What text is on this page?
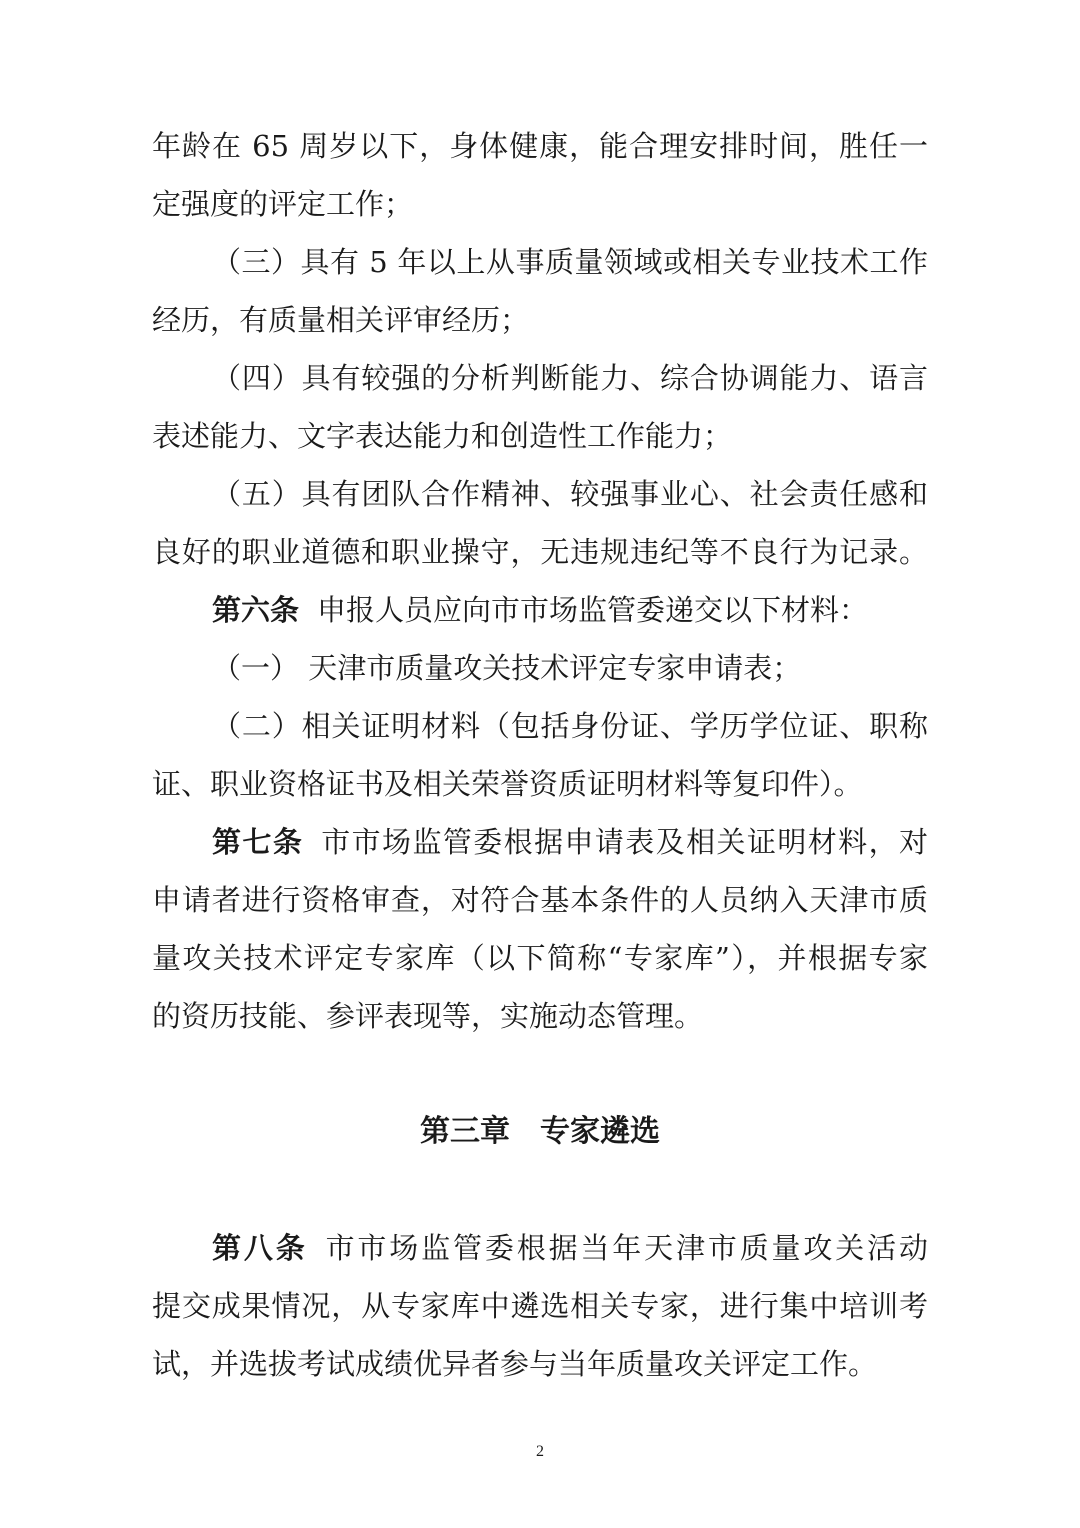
年龄在 65 周岁以下，身体健康，能合理安排时间，胜任一
定强度的评定工作；
（三）具有 5 年以上从事质量领域或相关专业技术工作
经历，有质量相关评审经历；
（四）具有较强的分析判断能力、综合协调能力、语言
表述能力、文字表达能力和创造性工作能力；
（五）具有团队合作精神、较强事业心、社会责任感和
良好的职业道德和职业操守，无违规违纪等不良行为记录。
第六条 申报人员应向市市场监管委递交以下材料：
（一） 天津市质量攻关技术评定专家申请表；
（二）相关证明材料（包括身份证、学历学位证、职称
证、职业资格证书及相关荣誉资质证明材料等复印件）。
第七条 市市场监管委根据申请表及相关证明材料，对
申请者进行资格审查，对符合基本条件的人员纳入天津市质
量攻关技术评定专家库（以下简称“专家库”），并根据专家
的资历技能、参评表现等，实施动态管理。
第三章　专家遴选
第八条 市市场监管委根据当年天津市质量攻关活动
提交成果情况，从专家库中遴选相关专家，进行集中培训考
试，并选拔考试成绩优异者参与当年质量攻关评定工作。
2
